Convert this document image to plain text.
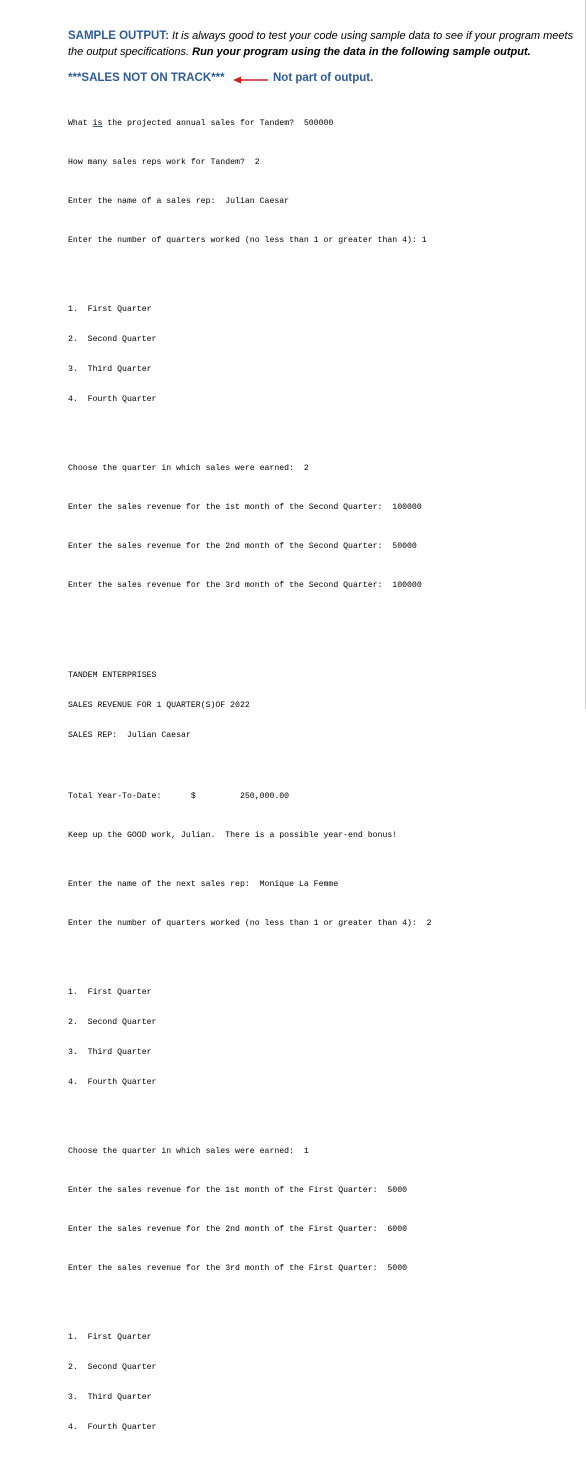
SAMPLE OUTPUT: It is always good to test your code using sample data to see if your program meets the output specifications. Run your program using the data in the following sample output.
***SALES NOT ON TRACK***	Not part of output.

What is the projected annual sales for Tandem?  500000

How many sales reps work for Tandem?  2

Enter the name of a sales rep:  Julian Caesar

Enter the number of quarters worked (no less than 1 or greater than 4): 1

1.  First Quarter

2.  Second Quarter

3.  Third Quarter

4.  Fourth Quarter

Choose the quarter in which sales were earned:  2

Enter the sales revenue for the 1st month of the Second Quarter:  100000

Enter the sales revenue for the 2nd month of the Second Quarter:  50000

Enter the sales revenue for the 3rd month of the Second Quarter:  100000

TANDEM ENTERPRISES

SALES REVENUE FOR 1 QUARTER(S)OF 2022

SALES REP:  Julian Caesar

Total Year-To-Date:      $         250,000.00

Keep up the GOOD work, Julian.  There is a possible year-end bonus!

Enter the name of the next sales rep:  Monique La Femme

Enter the number of quarters worked (no less than 1 or greater than 4):  2

1.  First Quarter

2.  Second Quarter

3.  Third Quarter

4.  Fourth Quarter

Choose the quarter in which sales were earned:  1

Enter the sales revenue for the 1st month of the First Quarter:  5000

Enter the sales revenue for the 2nd month of the First Quarter:  6000

Enter the sales revenue for the 3rd month of the First Quarter:  5000

1.  First Quarter

2.  Second Quarter

3.  Third Quarter

4.  Fourth Quarter
